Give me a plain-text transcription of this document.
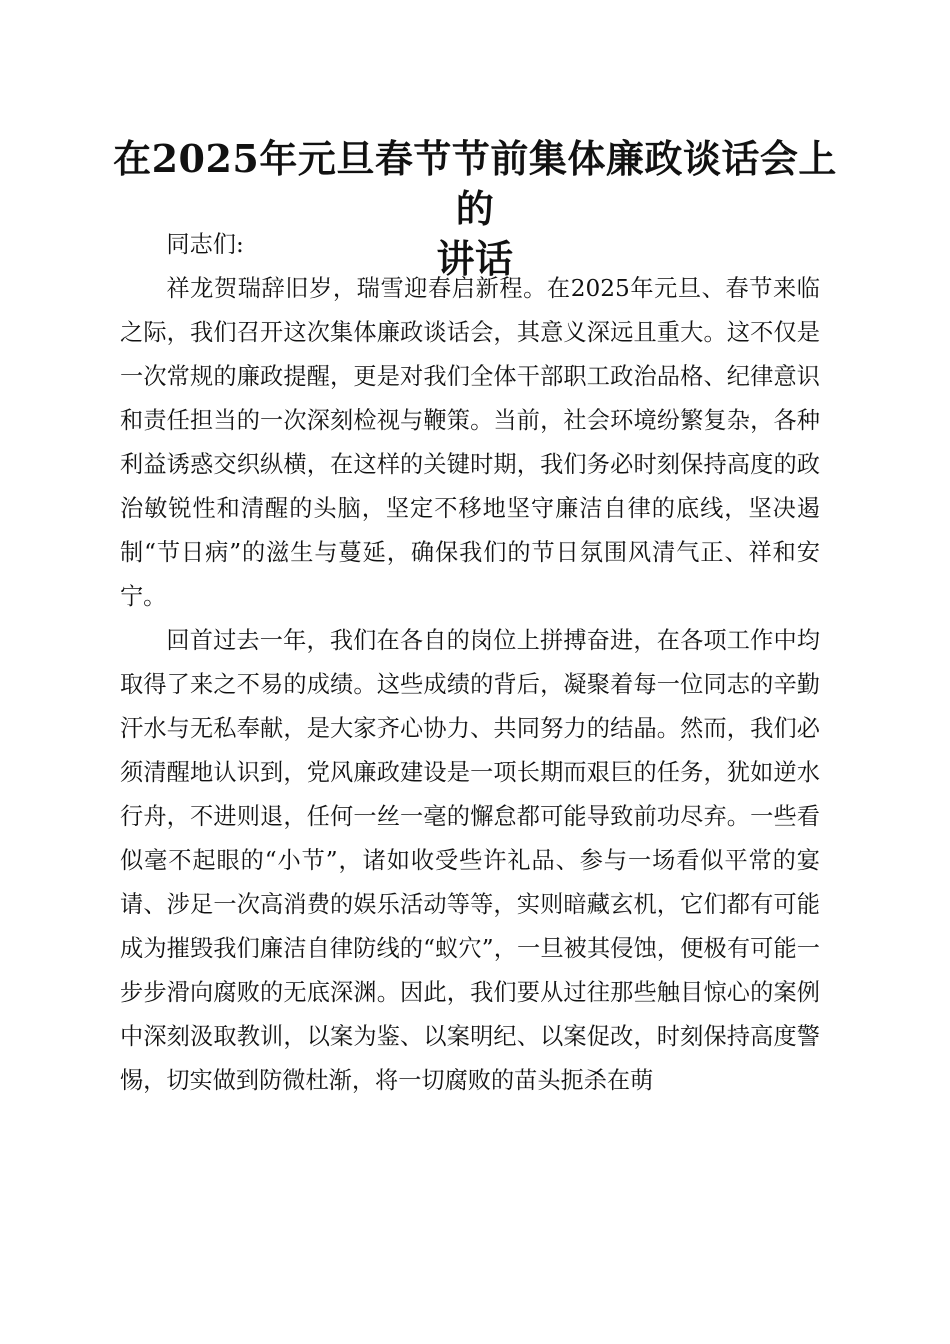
在2025年元旦春节节前集体廉政谈话会上的
讲话

同志们:

祥龙贺瑞辞旧岁，瑞雪迎春启新程。在2025年元旦、春节来临之际，我们召开这次集体廉政谈话会，其意义深远且重大。这不仅是一次常规的廉政提醒，更是对我们全体干部职工政治品格、纪律意识和责任担当的一次深刻检视与鞭策。当前，社会环境纷繁复杂，各种利益诱惑交织纵横，在这样的关键时期，我们务必时刻保持高度的政治敏锐性和清醒的头脑，坚定不移地坚守廉洁自律的底线，坚决遏制“节日病”的滋生与蔓延，确保我们的节日氛围风清气正、祥和安宁。

回首过去一年，我们在各自的岗位上拼搏奋进，在各项工作中均取得了来之不易的成绩。这些成绩的背后，凝聚着每一位同志的辛勤汗水与无私奉献，是大家齐心协力、共同努力的结晶。然而，我们必须清醒地认识到，党风廉政建设是一项长期而艰巨的任务，犹如逆水行舟，不进则退，任何一丝一毫的懈怠都可能导致前功尽弃。一些看似毫不起眼的“小节”，诸如收受些许礼品、参与一场看似平常的宴请、涉足一次高消费的娱乐活动等等，实则暗藏玄机，它们都有可能成为摧毁我们廉洁自律防线的“蚁穴”，一旦被其侵蚀，便极有可能一步步滑向腐败的无底深渊。因此，我们要从过往那些触目惊心的案例中深刻汲取教训，以案为鉴、以案明纪、以案促改，时刻保持高度警惕，切实做到防微杜渐，将一切腐败的苗头扼杀在萌
